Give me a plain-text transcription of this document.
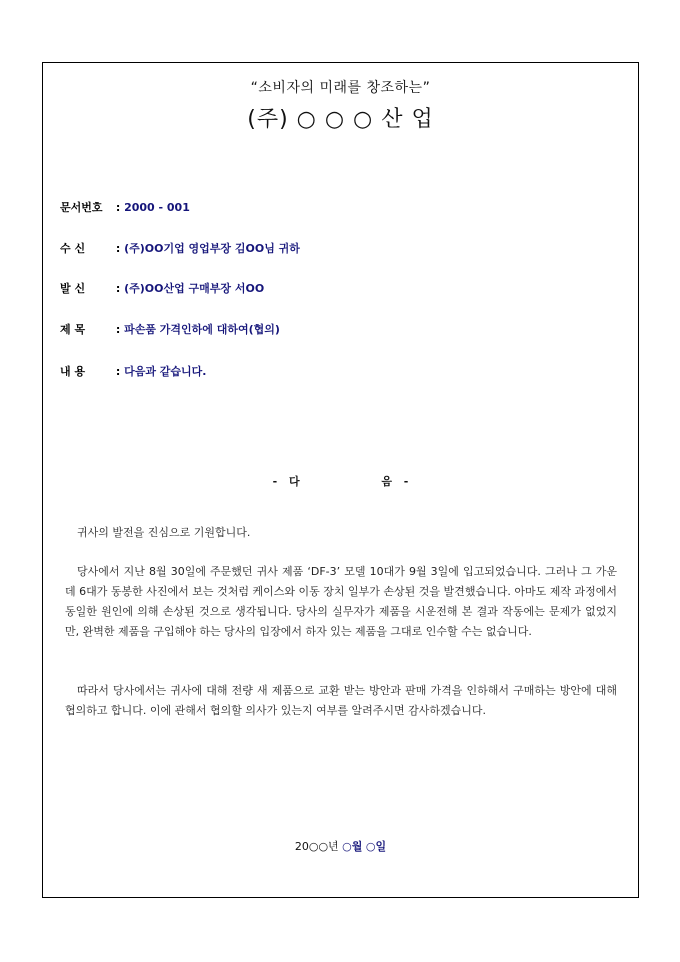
“소비자의 미래를 창조하는”
(주) ○ ○ ○ 산 업
문서번호 : 2000 - 001
수 신 : (주)OO기업 영업부장 김OO님 귀하
발 신 : (주)OO산업 구매부장 서OO
제 목 : 파손품 가격인하에 대하여(협의)
내 용 : 다음과 같습니다.
- 다	음 -
귀사의 발전을 진심으로 기원합니다.
당사에서 지난 8월 30일에 주문했던 귀사 제품 ‘DF-3’ 모델 10대가 9월 3일에 입고되었습니다. 그러나 그 가운데 6대가 동봉한 사진에서 보는 것처럼 케이스와 이동 장치 일부가 손상된 것을 발견했습니다. 아마도 제작 과정에서 동일한 원인에 의해 손상된 것으로 생각됩니다. 당사의 실무자가 제품을 시운전해 본 결과 작동에는 문제가 없었지만, 완벽한 제품을 구입해야 하는 당사의 입장에서 하자 있는 제품을 그대로 인수할 수는 없습니다.
따라서 당사에서는 귀사에 대해 전량 새 제품으로 교환 받는 방안과 판매 가격을 인하해서 구매하는 방안에 대해 협의하고 합니다. 이에 관해서 협의할 의사가 있는지 여부를 알려주시면 감사하겠습니다.
20○○년 ○월 ○일
